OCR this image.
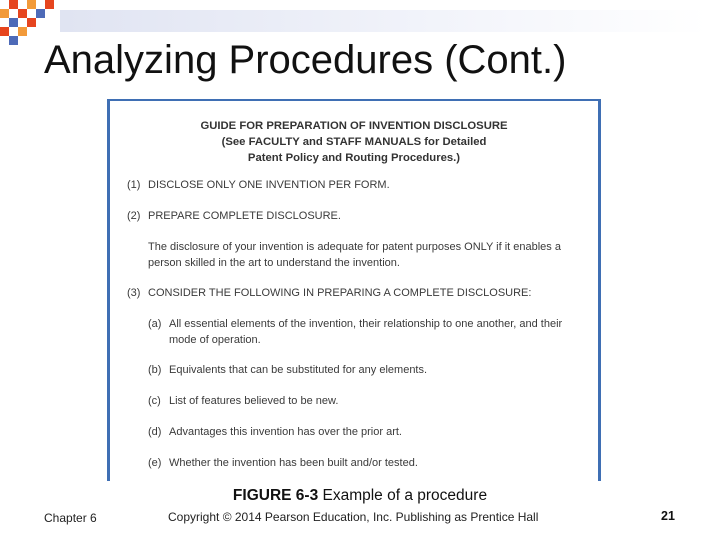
Analyzing Procedures (Cont.)
GUIDE FOR PREPARATION OF INVENTION DISCLOSURE
(See FACULTY and STAFF MANUALS for Detailed
Patent Policy and Routing Procedures.)
(1) DISCLOSE ONLY ONE INVENTION PER FORM.
(2) PREPARE COMPLETE DISCLOSURE.
The disclosure of your invention is adequate for patent purposes ONLY if it enables a
person skilled in the art to understand the invention.
(3) CONSIDER THE FOLLOWING IN PREPARING A COMPLETE DISCLOSURE:
(a) All essential elements of the invention, their relationship to one another, and their
mode of operation.
(b) Equivalents that can be substituted for any elements.
(c) List of features believed to be new.
(d) Advantages this invention has over the prior art.
(e) Whether the invention has been built and/or tested.
FIGURE 6-3 Example of a procedure
Chapter 6	Copyright © 2014 Pearson Education, Inc. Publishing as Prentice Hall	21
